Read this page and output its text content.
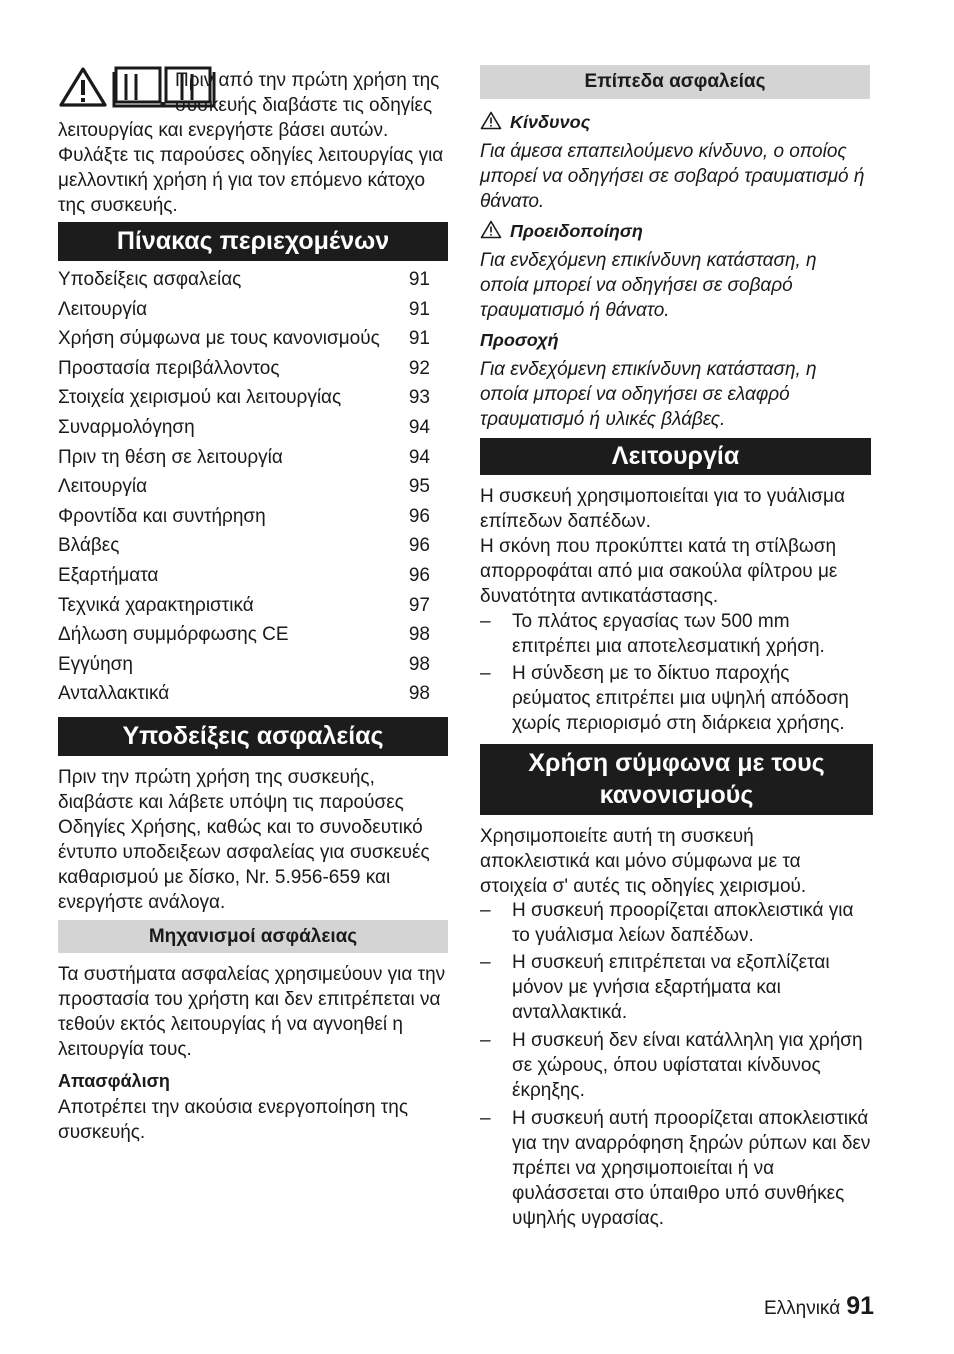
Πριν από την πρώτη χρήση της

συσκευής διαβάστε τις οδηγίες

λειτουργίας και ενεργήστε βάσει αυτών. Φυλάξτε τις παρούσες οδηγίες λειτουργίας για μελλοντική χρήση ή για τον επόμενο κάτοχο της συσκευής.

Πίνακας περιεχομένων
Υποδείξεις ασφαλείας	91
Λειτουργία	91
Χρήση σύμφωνα με τους κανονισμούς 91
Προστασία περιβάλλοντος	92
Στοιχεία χειρισμού και λειτουργίας	93
Συναρμολόγηση	94
Πριν τη θέση σε λειτουργία	94
Λειτουργία	95
Φροντίδα και συντήρηση	96
Βλάβες	96
Εξαρτήματα	96
Τεχνικά χαρακτηριστικά	97
Δήλωση συμμόρφωσης CE	98
Εγγύηση	98
Ανταλλακτικά	98
Υποδείξεις ασφαλείας

Πριν την πρώτη χρήση της συσκευής, διαβάστε και λάβετε υπόψη τις παρούσες Οδηγίες Χρήσης, καθώς και το συνοδευτικό έντυπο υποδειξεων ασφαλείας για συσκευές καθαρισμού με δίσκο, Nr. 5.956-659 και ενεργήστε ανάλογα.

Μηχανισμοί ασφάλειας

Τα συστήματα ασφαλείας χρησιμεύουν για την προστασία του χρήστη και δεν επιτρέπεται να τεθούν εκτός λειτουργίας ή να αγνοηθεί η λειτουργία τους.

Απασφάλιση

Αποτρέπει την ακούσια ενεργοποίηση της συσκευής.

Επίπεδα ασφαλείας

Κίνδυνος

Για άμεσα επαπειλούμενο κίνδυνο, ο οποίος μπορεί να οδηγήσει σε σοβαρό τραυματισμό ή θάνατο.

Προειδοποίηση

Για ενδεχόμενη επικίνδυνη κατάσταση, η οποία μπορεί να οδηγήσει σε σοβαρό τραυματισμό ή θάνατο.

Προσοχή

Για ενδεχόμενη επικίνδυνη κατάσταση, η οποία μπορεί να οδηγήσει σε ελαφρό τραυματισμό ή υλικές βλάβες.

Λειτουργία

Η συσκευή χρησιμοποιείται για το γυάλισμα επίπεδων δαπέδων.

Η σκόνη που προκύπτει κατά τη στίλβωση απορροφάται από μια σακούλα φίλτρου με δυνατότητα αντικατάστασης.

– Το πλάτος εργασίας των 500 mm επιτρέπει μια αποτελεσματική χρήση.
– Η σύνδεση με το δίκτυο παροχής ρεύματος επιτρέπει μια υψηλή απόδοση χωρίς περιορισμό στη διάρκεια χρήσης.
Χρήση σύμφωνα με τους
κανονισμούς

Χρησιμοποιείτε αυτή τη συσκευή αποκλειστικά και μόνο σύμφωνα με τα στοιχεία σ' αυτές τις οδηγίες χειρισμού.

– Η συσκευή προορίζεται αποκλειστικά για το γυάλισμα λείων δαπέδων.
– Η συσκευή επιτρέπεται να εξοπλίζεται μόνον με γνήσια εξαρτήματα και ανταλλακτικά.
– Η συσκευή δεν είναι κατάλληλη για χρήση σε χώρους, όπου υφίσταται κίνδυνος έκρηξης.
– Η συσκευή αυτή προορίζεται αποκλειστικά για την αναρρόφηση ξηρών ρύπων και δεν πρέπει να χρησιμοποιείται ή να φυλάσσεται στο ύπαιθρο υπό συνθήκες υψηλής υγρασίας.
Ελληνικά 91
